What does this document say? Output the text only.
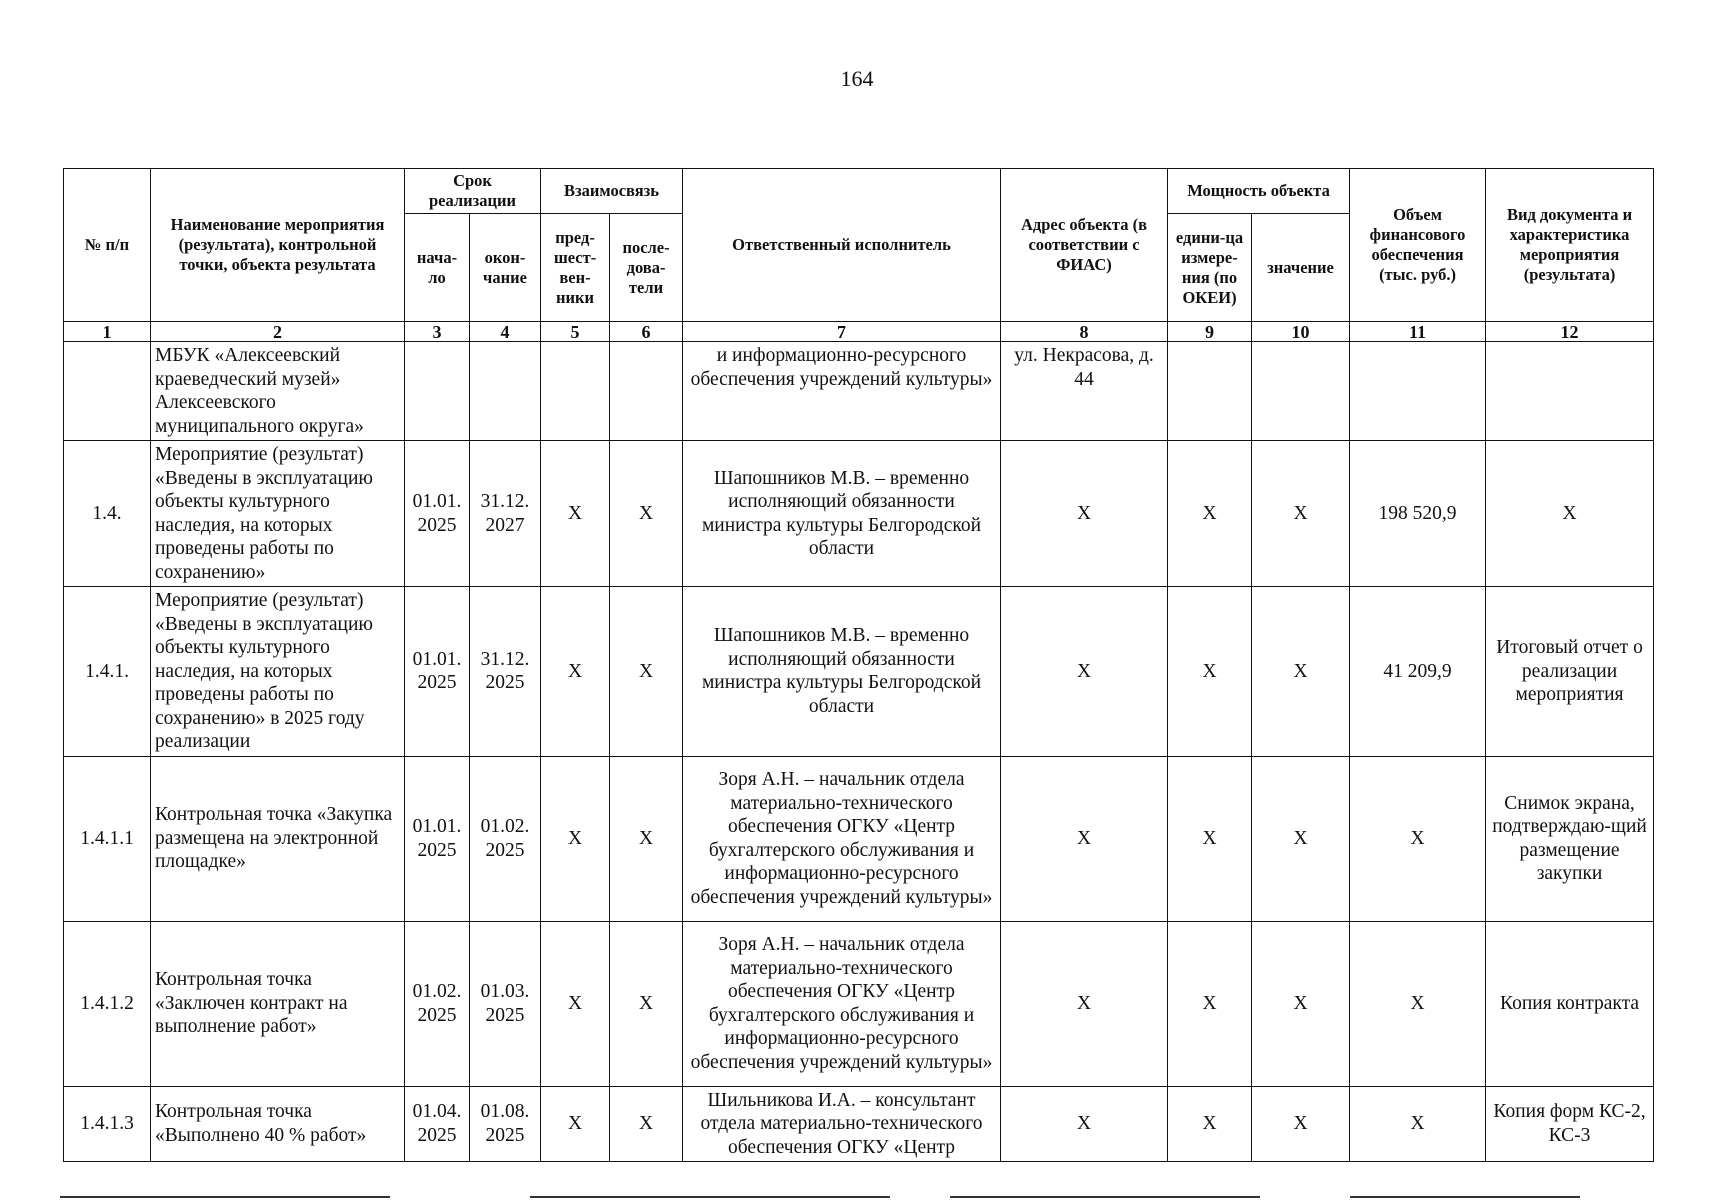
164
№ п/п	Наименование мероприятия (результата), контрольной точки, объекта результата	Срок реализации		Взаимосвязь		Ответственный исполнитель	Адрес объекта (в соответствии с ФИАС)	Мощность объекта		Объем финансового обеспечения (тыс. руб.)	Вид документа и характеристика мероприятия (результата)
		нача-ло	окон-чание	пред-шест-вен-ники	после-дова-тели			едини-ца измере-ния (по ОКЕИ)	значение		
1	2	3	4	5	6	7	8	9	10	11	12
	МБУК «Алексеевский краеведческий музей» Алексеевского муниципального округа»					и информационно-ресурсного обеспечения учреждений культуры»	ул. Некрасова, д. 44				
1.4.	Мероприятие (результат) «Введены в эксплуатацию объекты культурного наследия, на которых проведены работы по сохранению»	01.01. 2025	31.12. 2027	X	X	Шапошников М.В. – временно исполняющий обязанности министра культуры Белгородской области	X	X	X	198 520,9	X
1.4.1.	Мероприятие (результат) «Введены в эксплуатацию объекты культурного наследия, на которых проведены работы по сохранению» в 2025 году реализации	01.01. 2025	31.12. 2025	X	X	Шапошников М.В. – временно исполняющий обязанности министра культуры Белгородской области	X	X	X	41 209,9	Итоговый отчет о реализации мероприятия
1.4.1.1	Контрольная точка «Закупка размещена на электронной площадке»	01.01. 2025	01.02. 2025	X	X	Зоря А.Н. – начальник отдела материально-технического обеспечения ОГКУ «Центр бухгалтерского обслуживания и информационно-ресурсного обеспечения учреждений культуры»	X	X	X	X	Снимок экрана, подтверждаю-щий размещение закупки
1.4.1.2	Контрольная точка «Заключен контракт на выполнение работ»	01.02. 2025	01.03. 2025	X	X	Зоря А.Н. – начальник отдела материально-технического обеспечения ОГКУ «Центр бухгалтерского обслуживания и информационно-ресурсного обеспечения учреждений культуры»	X	X	X	X	Копия контракта
1.4.1.3	Контрольная точка «Выполнено 40 % работ»	01.04. 2025	01.08. 2025	X	X	Шильникова И.А. – консультант отдела материально-технического обеспечения ОГКУ «Центр	X	X	X	X	Копия форм КС-2, КС-3
